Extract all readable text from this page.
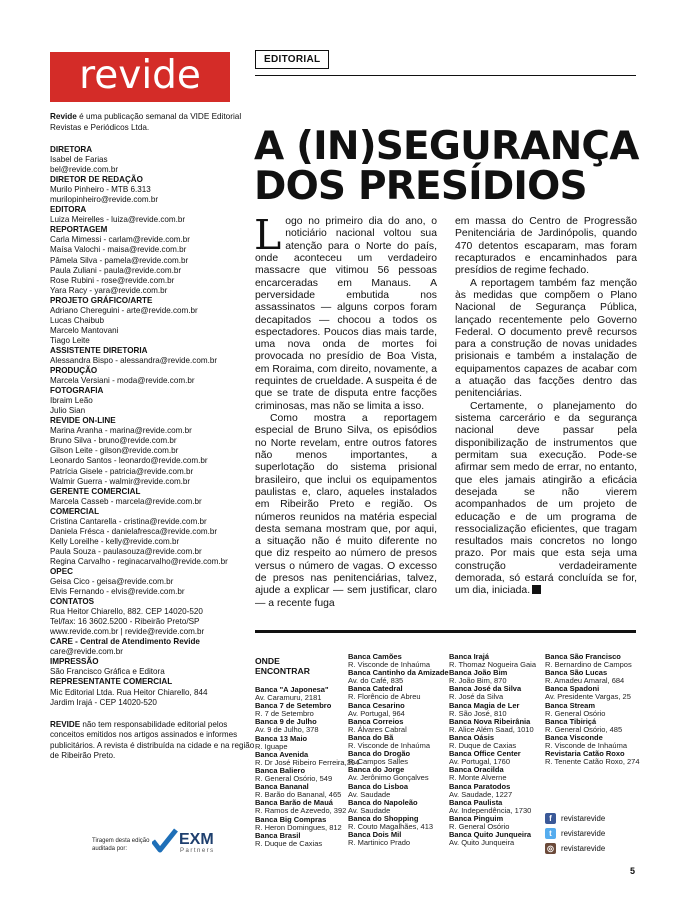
revide
Revide é uma publicação semanal da VIDE Editorial Revistas e Periódicos Ltda.
DIRETORA
Isabel de Farias
bel@revide.com.br
DIRETOR DE REDAÇÃO
Murilo Pinheiro - MTB 6.313
murilopinheiro@revide.com.br
EDITORA
Luiza Meirelles - luiza@revide.com.br
REPORTAGEM
Carla Mimessi - carlam@revide.com.br
Maísa Valochi - maisa@revide.com.br
Pâmela Silva - pamela@revide.com.br
Paula Zuliani - paula@revide.com.br
Rose Rubini - rose@revide.com.br
Yara Racy - yara@revide.com.br
PROJETO GRÁFICO/ARTE
Adriano Chereguini - arte@revide.com.br
Lucas Chaibub
Marcelo Mantovani
Tiago Leite
ASSISTENTE DIRETORIA
Alessandra Bispo - alessandra@revide.com.br
PRODUÇÃO
Marcela Versiani - moda@revide.com.br
FOTOGRAFIA
Ibraim Leão
Julio Sian
REVIDE ON-LINE
Marina Aranha - marina@revide.com.br
Bruno Silva - bruno@revide.com.br
Gilson Leite - gilson@revide.com.br
Leonardo Santos - leonardo@revide.com.br
Patrícia Gisele - patricia@revide.com.br
Walmir Guerra - walmir@revide.com.br
GERENTE COMERCIAL
Marcela Casseb - marcela@revide.com.br
COMERCIAL
Cristina Cantarella - cristina@revide.com.br
Daniela Frésca - danielafresca@revide.com.br
Kelly Loreilhe - kelly@revide.com.br
Paula Souza - paulasouza@revide.com.br
Regina Carvalho - reginacarvalho@revide.com.br
OPEC
Geisa Cico - geisa@revide.com.br
Elvis Fernando - elvis@revide.com.br
CONTATOS
Rua Heitor Chiarello, 882. CEP 14020-520
Tel/fax: 16 3602.5200 - Ribeirão Preto/SP
www.revide.com.br | revide@revide.com.br
CARE - Central de Atendimento Revide
care@revide.com.br
IMPRESSÃO
São Francisco Gráfica e Editora
REPRESENTANTE COMERCIAL
Mic Editorial Ltda. Rua Heitor Chiarello, 844
Jardim Irajá - CEP 14020-520
REVIDE não tem responsabilidade editorial pelos conceitos emitidos nos artigos assinados e informes publicitários. A revista é distribuída na cidade e na região de Ribeirão Preto.
Tiragem desta edição auditada por:
EXM
Partners
EDITORIAL
A (IN)SEGURANÇA
DOS PRESÍDIOS

Logo no primeiro dia do ano, o noticiário nacional voltou sua atenção para o Norte do país, onde aconteceu um verdadeiro massacre que vitimou 56 pessoas encarceradas em Manaus. A perversidade embutida nos assassinatos — alguns corpos foram decapitados — chocou a todos os espectadores. Poucos dias mais tarde, uma nova onda de mortes foi provocada no presídio de Boa Vista, em Roraima, com direito, novamente, a requintes de crueldade. A suspeita é de que se trate de disputa entre facções criminosas, mas não se limita a isso.

Como mostra a reportagem especial de Bruno Silva, os episódios no Norte revelam, entre outros fatores não menos importantes, a superlotação do sistema prisional brasileiro, que inclui os equipamentos paulistas e, claro, aqueles instalados em Ribeirão Preto e região. Os números reunidos na matéria especial desta semana mostram que, por aqui, a situação não é muito diferente no que diz respeito ao número de presos versus o número de vagas. O excesso de presos nas penitenciárias, talvez, ajude a explicar — sem justificar, claro — a recente fuga

em massa do Centro de Progressão Penitenciária de Jardinópolis, quando 470 detentos escaparam, mas foram recapturados e encaminhados para presídios de regime fechado.

A reportagem também faz menção às medidas que compõem o Plano Nacional de Segurança Pública, lançado recentemente pelo Governo Federal. O documento prevê recursos para a construção de novas unidades prisionais e também a instalação de equipamentos capazes de acabar com a atuação das facções dentro das penitenciárias.

Certamente, o planejamento do sistema carcerário e da segurança nacional deve passar pela disponibilização de instrumentos que permitam sua execução. Pode-se afirmar sem medo de errar, no entanto, que eles jamais atingirão a eficácia desejada se não vierem acompanhados de um projeto de educação e de um programa de ressocialização eficientes, que tragam resultados mais concretos no longo prazo. Por mais que esta seja uma construção verdadeiramente demorada, só estará concluída se for, um dia, iniciada.

ONDE
ENCONTRAR
Banca "A Japonesa"
Av. Caramuru, 2181
Banca 7 de Setembro
R. 7 de Setembro
Banca 9 de Julho
Av. 9 de Julho, 378
Banca 13 Maio
R. Iguape
Banca Avenida
R. Dr José Ribeiro Ferreira,394
Banca Baliero
R. General Osório, 549
Banca Bananal
R. Barão do Bananal, 465
Banca Barão de Mauá
R. Ramos de Azevedo, 392
Banca Big Compras
R. Heron Domingues, 812
Banca Brasil
R. Duque de Caxias
Banca Camões
R. Visconde de Inhaúma
Banca Cantinho da Amizade
Av. do Café, 835
Banca Catedral
R. Florêncio de Abreu
Banca Cesarino
Av. Portugal, 964
Banca Correios
R. Álvares Cabral
Banca do Bã
R. Visconde de Inhaúma
Banca do Drogão
R. Campos Salles
Banca do Jorge
Av. Jerônimo Gonçalves
Banca do Lisboa
Av. Saudade
Banca do Napoleão
Av. Saudade
Banca do Shopping
R. Couto Magalhães, 413
Banca Dois Mil
R. Martinico Prado
Banca Irajá
R. Thomaz Nogueira Gaia
Banca João Bim
R. João Bim, 870
Banca José da Silva
R. José da Silva
Banca Magia de Ler
R. São José, 810
Banca Nova Ribeirânia
R. Alice Além Saad, 1010
Banca Oásis
R. Duque de Caxias
Banca Office Center
Av. Portugal, 1760
Banca Oracilda
R. Monte Alverne
Banca Paratodos
Av. Saudade, 1227
Banca Paulista
Av. Independência, 1730
Banca Pinguim
R. General Osório
Banca Quito Junqueira
Av. Quito Junqueira
Banca São Francisco
R. Bernardino de Campos
Banca São Lucas
R. Amadeu Amaral, 684
Banca Spadoni
Av. Presidente Vargas, 25
Banca Stream
R. General Osório
Banca Tibiriçá
R. General Osório, 485
Banca Visconde
R. Visconde de Inhaúma
Revistaria Catão Roxo
R. Tenente Catão Roxo, 274
f	revistarevide
t	revistarevide
◎ revistarevide
5
